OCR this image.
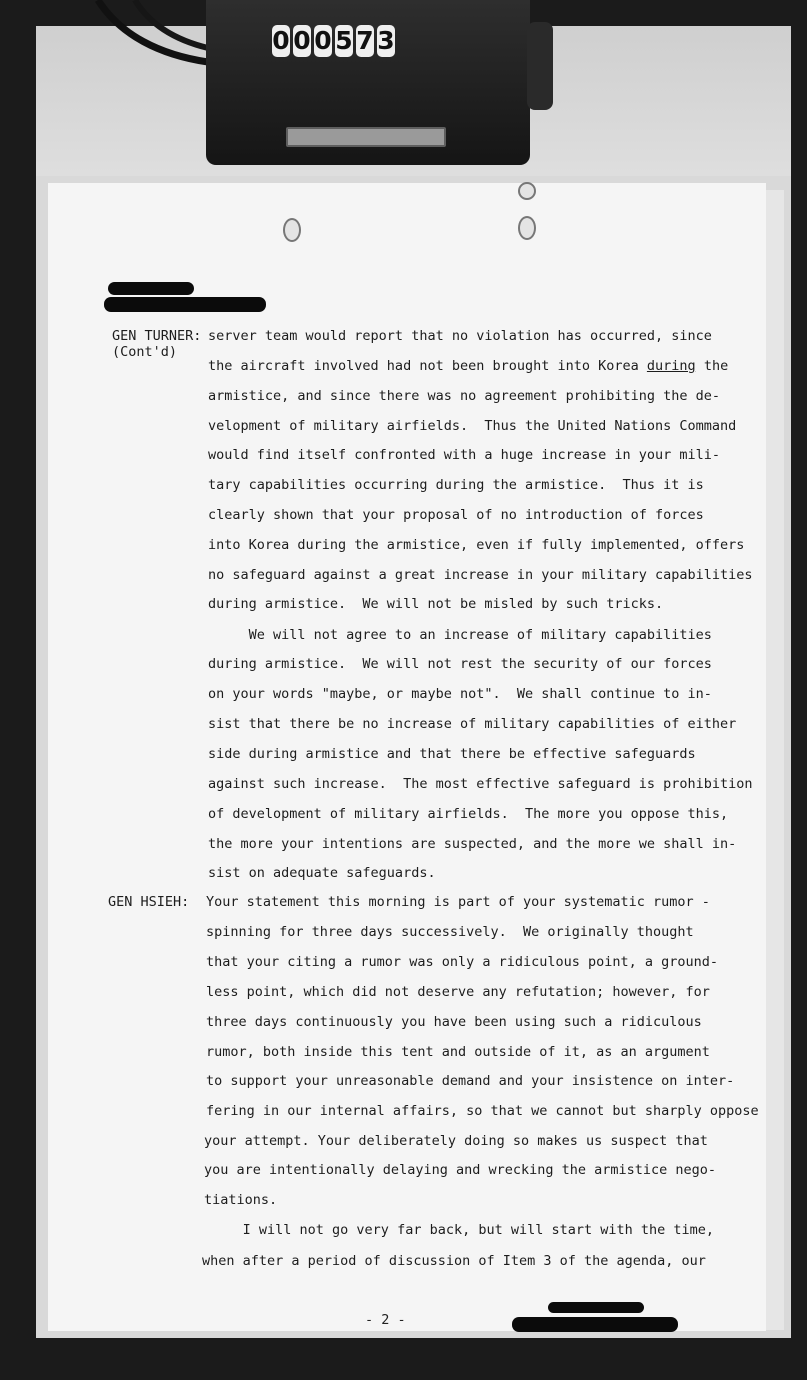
0 0 0 5 7 3
GEN TURNER:
(Cont'd)
GEN HSIEH:
server team would report that no violation has occurred, since
the aircraft involved had not been brought into Korea during the
armistice, and since there was no agreement prohibiting the de-
velopment of military airfields.  Thus the United Nations Command
would find itself confronted with a huge increase in your mili-
tary capabilities occurring during the armistice.  Thus it is
clearly shown that your proposal of no introduction of forces
into Korea during the armistice, even if fully implemented, offers
no safeguard against a great increase in your military capabilities
during armistice.  We will not be misled by such tricks.
We will not agree to an increase of military capabilities
during armistice.  We will not rest the security of our forces
on your words "maybe, or maybe not".  We shall continue to in-
sist that there be no increase of military capabilities of either
side during armistice and that there be effective safeguards
against such increase.  The most effective safeguard is prohibition
of development of military airfields.  The more you oppose this,
the more your intentions are suspected, and the more we shall in-
sist on adequate safeguards.
Your statement this morning is part of your systematic rumor -
spinning for three days successively.  We originally thought
that your citing a rumor was only a ridiculous point, a ground-
less point, which did not deserve any refutation; however, for
three days continuously you have been using such a ridiculous
rumor, both inside this tent and outside of it, as an argument
to support your unreasonable demand and your insistence on inter-
fering in our internal affairs, so that we cannot but sharply oppose
your attempt. Your deliberately doing so makes us suspect that
you are intentionally delaying and wrecking the armistice nego-
tiations.
I will not go very far back, but will start with the time,
when after a period of discussion of Item 3 of the agenda, our
- 2 -
